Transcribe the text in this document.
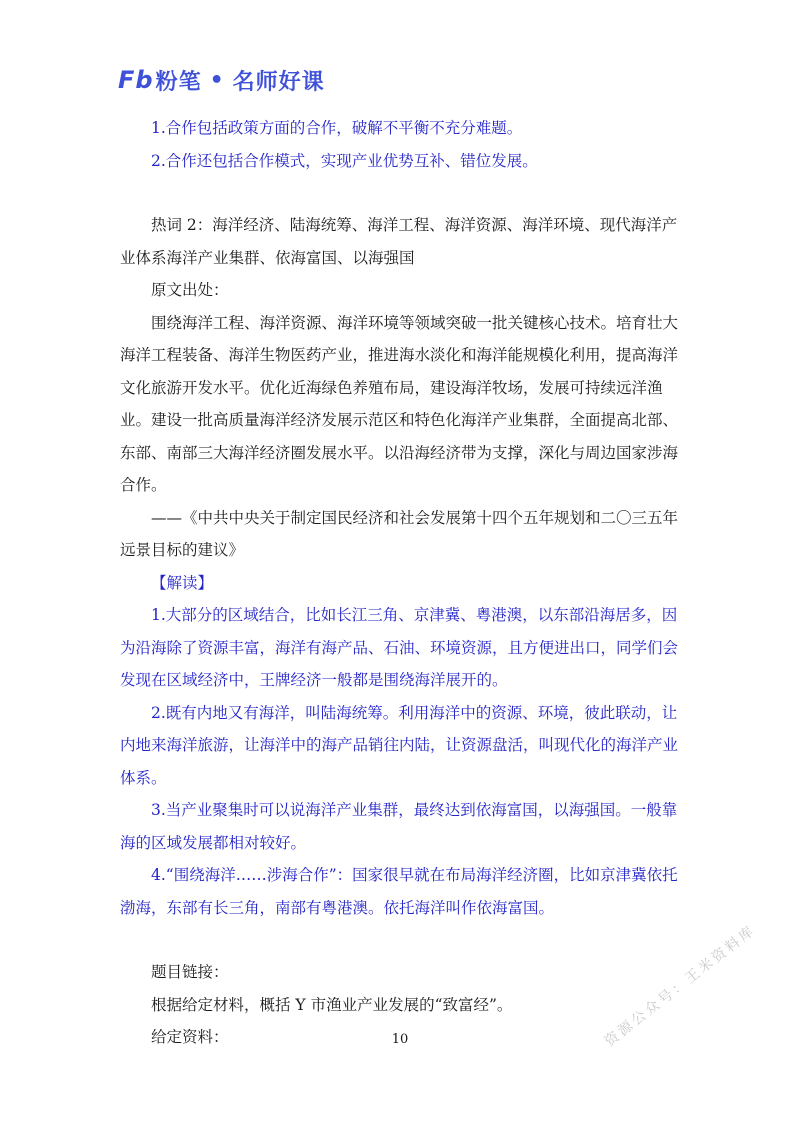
Fb 粉笔 • 名师好课

1.合作包括政策方面的合作，破解不平衡不充分难题。

2.合作还包括合作模式，实现产业优势互补、错位发展。

热词 2：海洋经济、陆海统筹、海洋工程、海洋资源、海洋环境、现代海洋产业体系海洋产业集群、依海富国、以海强国

原文出处：

围绕海洋工程、海洋资源、海洋环境等领域突破一批关键核心技术。培育壮大海洋工程装备、海洋生物医药产业，推进海水淡化和海洋能规模化利用，提高海洋文化旅游开发水平。优化近海绿色养殖布局，建设海洋牧场，发展可持续远洋渔业。建设一批高质量海洋经济发展示范区和特色化海洋产业集群，全面提高北部、东部、南部三大海洋经济圈发展水平。以沿海经济带为支撑，深化与周边国家涉海合作。

——《中共中央关于制定国民经济和社会发展第十四个五年规划和二〇三五年远景目标的建议》

【解读】

1.大部分的区域结合，比如长江三角、京津冀、粤港澳，以东部沿海居多，因为沿海除了资源丰富，海洋有海产品、石油、环境资源，且方便进出口，同学们会发现在区域经济中，王牌经济一般都是围绕海洋展开的。

2.既有内地又有海洋，叫陆海统筹。利用海洋中的资源、环境，彼此联动，让内地来海洋旅游，让海洋中的海产品销往内陆，让资源盘活，叫现代化的海洋产业体系。

3.当产业聚集时可以说海洋产业集群，最终达到依海富国，以海强国。一般靠海的区域发展都相对较好。

4.“围绕海洋……涉海合作”：国家很早就在布局海洋经济圈，比如京津冀依托渤海，东部有长三角，南部有粤港澳。依托海洋叫作依海富国。

题目链接：

根据给定材料，概括 Y 市渔业产业发展的“致富经”。

给定资料：	10	资源公众号：王米资料库
